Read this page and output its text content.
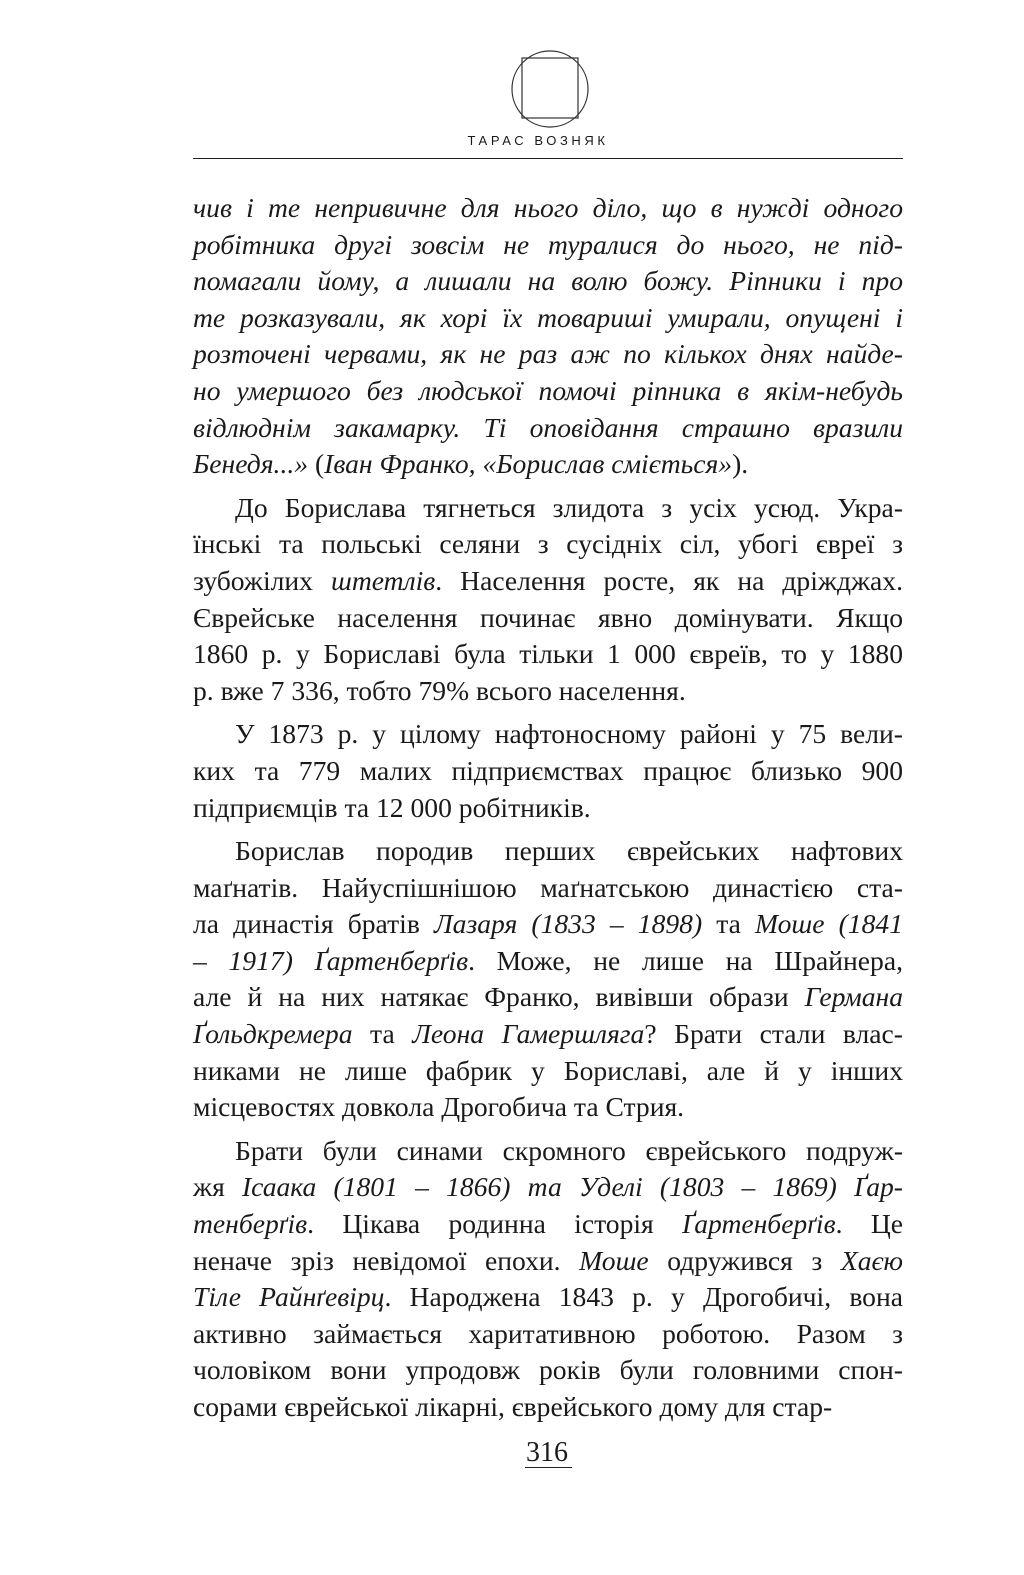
ТАРАС ВОЗНЯК

чив і те непривичне для нього діло, що в нужді одного
робітника другі зовсім не туралися до нього, не під-
помагали йому, а лишали на волю божу. Ріпники і про
те розказували, як хорі їх товариші умирали, опущені і
розточені червами, як не раз аж по кількох днях найде-
но умершого без людської помочі ріпника в якім-небудь
відлюднім закамарку. Ті оповідання страшно вразили
Бенедя...» (Іван Франко, «Борислав сміється»).

До Борислава тягнеться злидота з усіх усюд. Укра-
їнські та польські селяни з сусідніх сіл, убогі євреї з
зубожілих штетлів. Населення росте, як на дріжджах.
Єврейське населення починає явно домінувати. Якщо
1860 р. у Бориславі була тільки 1 000 євреїв, то у 1880
р. вже 7 336, тобто 79% всього населення.

У 1873 р. у цілому нафтоносному районі у 75 вели-
ких та 779 малих підприємствах працює близько 900
підприємців та 12 000 робітників.

Борислав породив перших єврейських нафтових
маґнатів. Найуспішнішою маґнатською династією ста-
ла династія братів Лазаря (1833 – 1898) та Моше (1841
– 1917) Ґартенберґів. Може, не лише на Шрайнера,
але й на них натякає Франко, вивівши образи Германа
Ґольдкремера та Леона Гамершляга? Брати стали влас-
никами не лише фабрик у Бориславі, але й у інших
місцевостях довкола Дрогобича та Стрия.

Брати були синами скромного єврейського подруж-
жя Ісаака (1801 – 1866) та Уделі (1803 – 1869) Ґар-
тенберґів. Цікава родинна історія Ґартенберґів. Це
неначе зріз невідомої епохи. Моше одружився з Хаєю
Тіле Райнґевірц. Народжена 1843 р. у Дрогобичі, вона
активно займається харитативною роботою. Разом з
чоловіком вони упродовж років були головними спон-
сорами єврейської лікарні, єврейського дому для стар-

316
